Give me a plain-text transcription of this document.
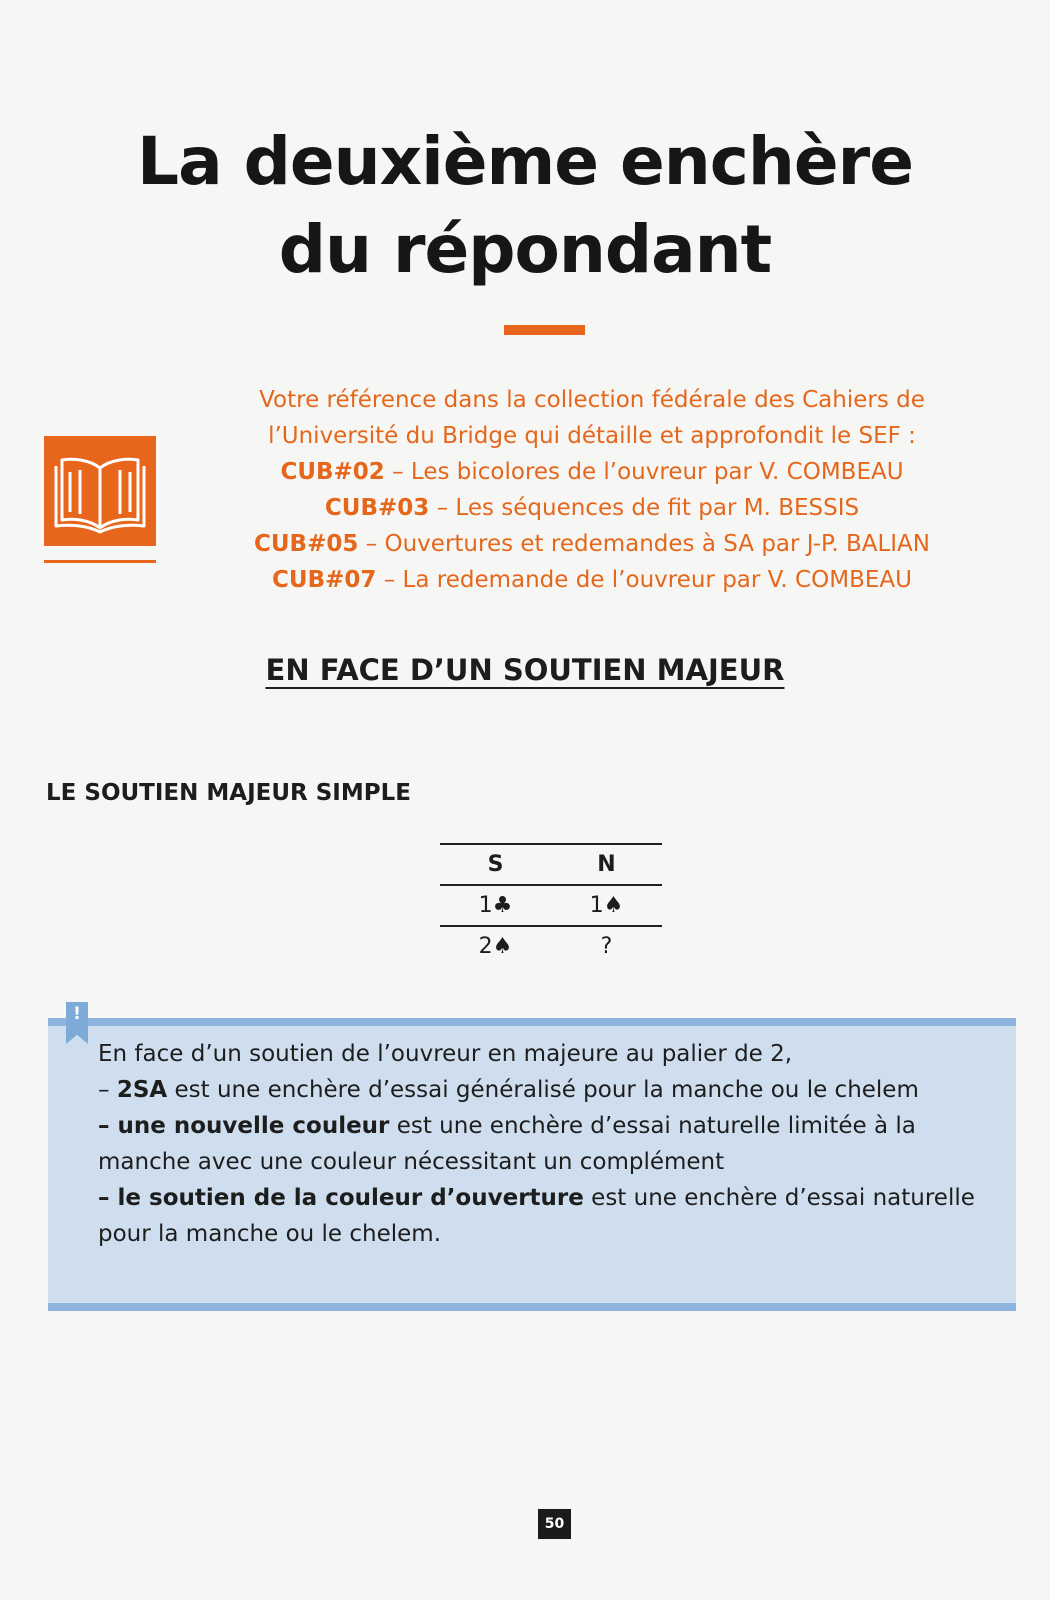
La deuxième enchère
du répondant
Votre référence dans la collection fédérale des Cahiers de
l’Université du Bridge qui détaille et approfondit le SEF :
CUB#02 – Les bicolores de l’ouvreur par V. COMBEAU
CUB#03 – Les séquences de fit par M. BESSIS
CUB#05 – Ouvertures et redemandes à SA par J-P. BALIAN
CUB#07 – La redemande de l’ouvreur par V. COMBEAU
EN FACE D’UN SOUTIEN MAJEUR
LE SOUTIEN MAJEUR SIMPLE
S	N
1♣	1♠
2♠	?
!
En face d’un soutien de l’ouvreur en majeure au palier de 2,
– 2SA est une enchère d’essai généralisé pour la manche ou le chelem
– une nouvelle couleur est une enchère d’essai naturelle limitée à la manche avec une couleur nécessitant un complément
– le soutien de la couleur d’ouverture est une enchère d’essai naturelle pour la manche ou le chelem.
50
